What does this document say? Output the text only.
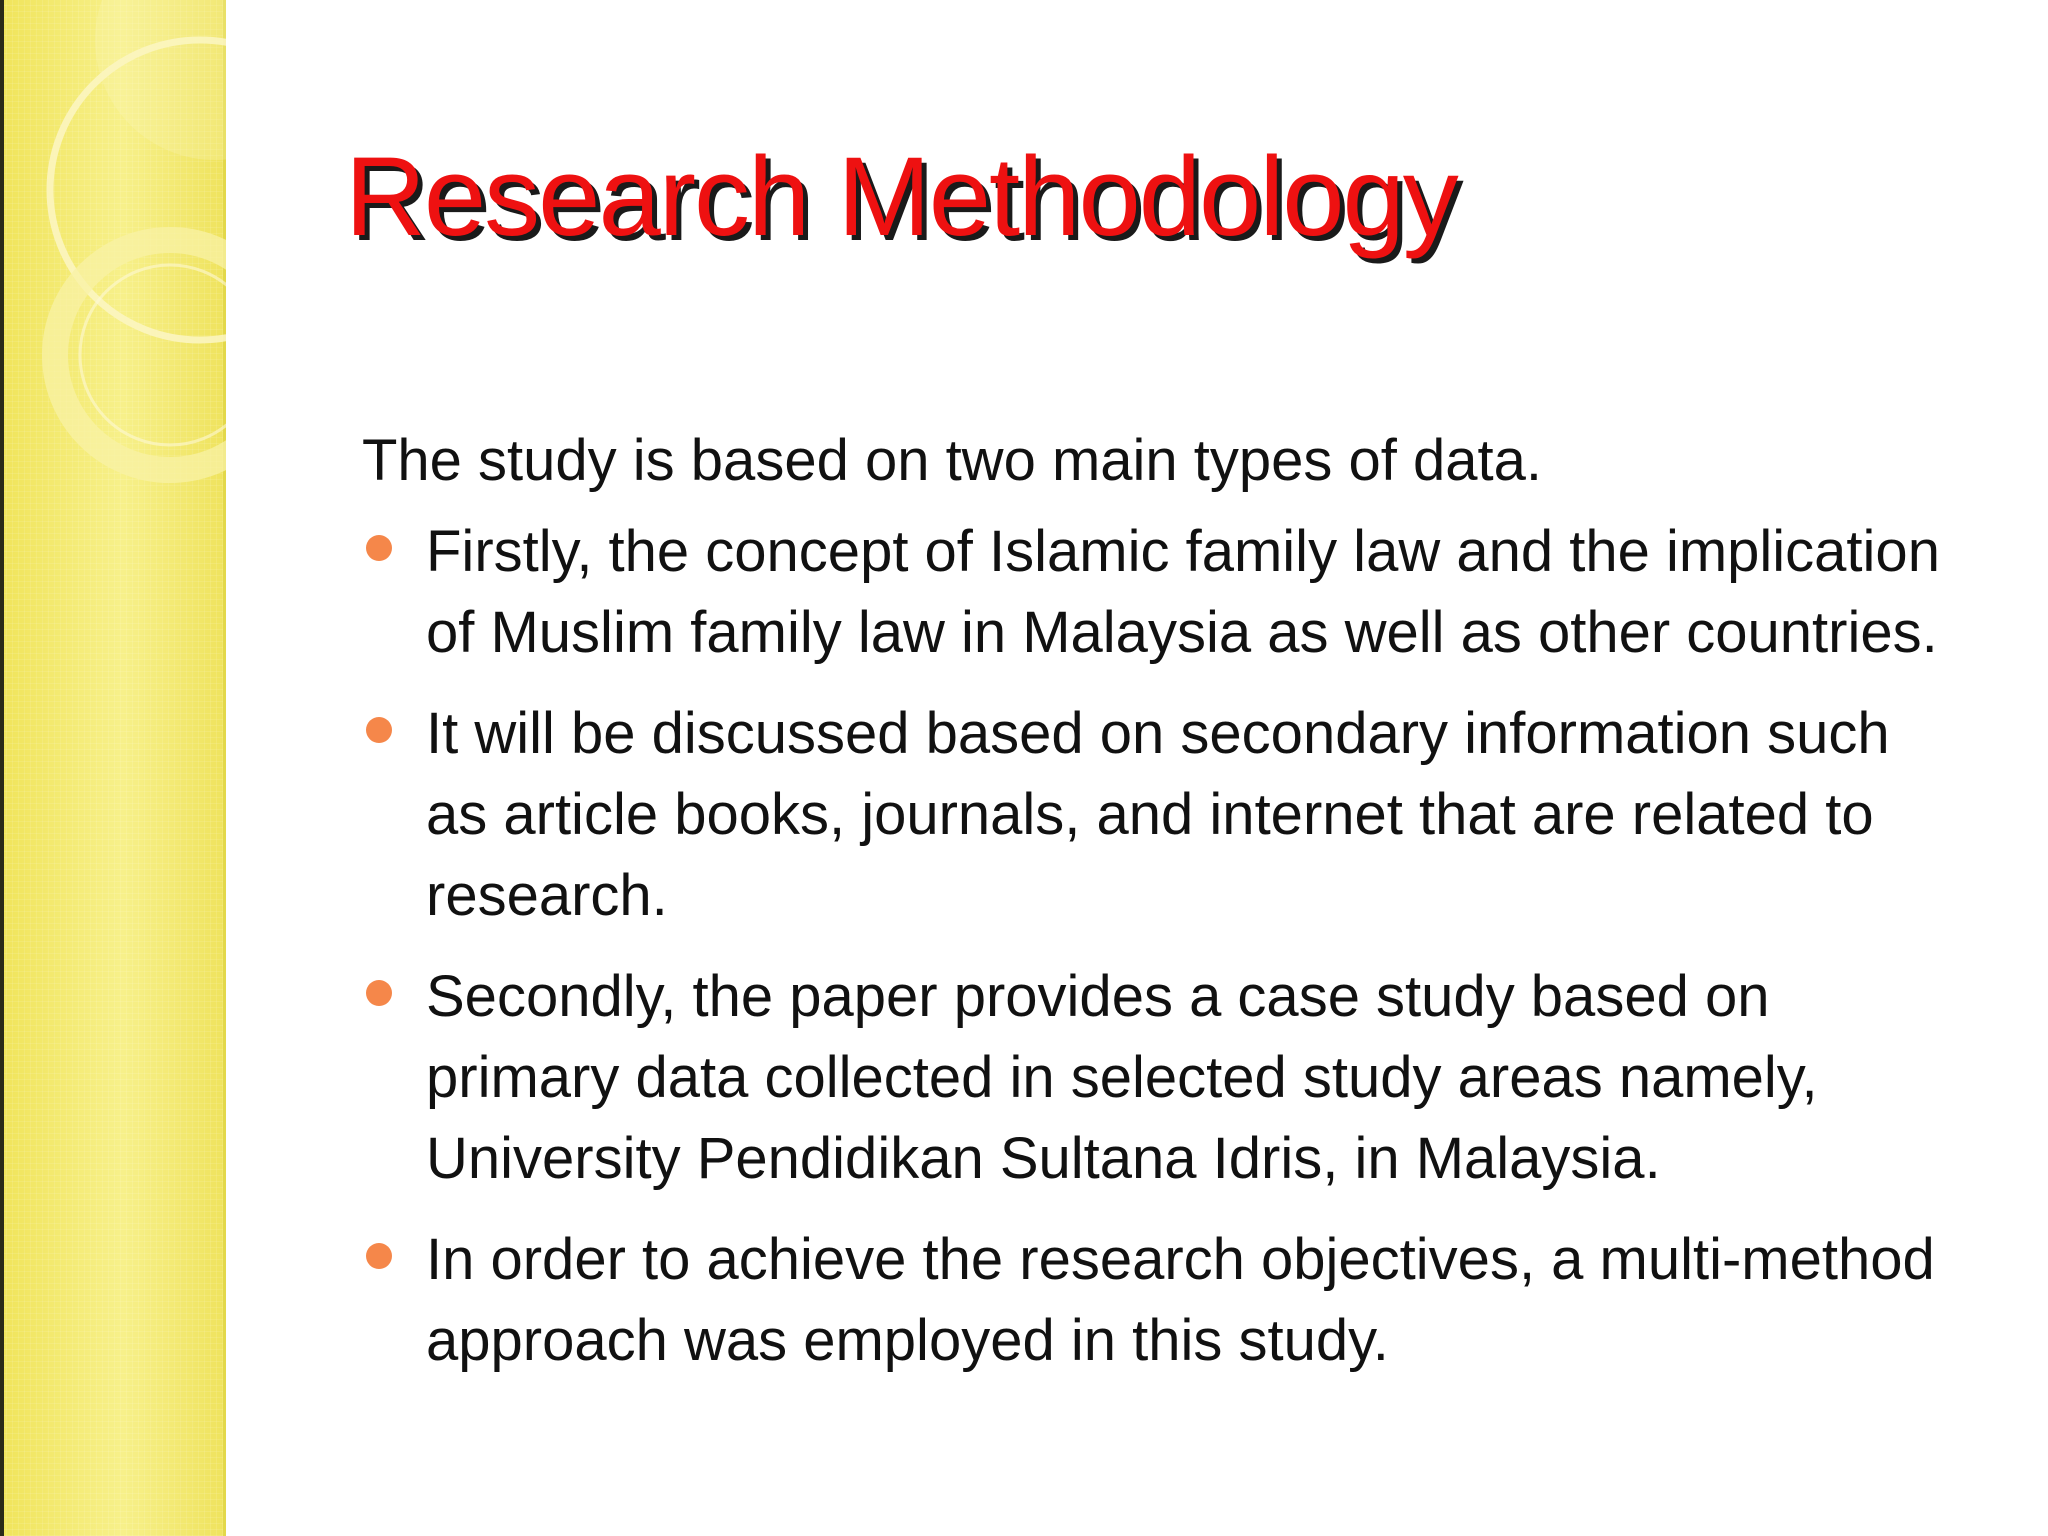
Research Methodology

The study is based on two main types of data.

Firstly, the concept of Islamic family law and the implication of Muslim family law in Malaysia as well as other countries.
It will be discussed based on secondary information such as article books, journals, and internet that are related to research.
Secondly, the paper provides a case study based on primary data collected in selected study areas namely, University Pendidikan Sultana Idris, in Malaysia.
In order to achieve the research objectives, a multi-method approach was employed in this study.
